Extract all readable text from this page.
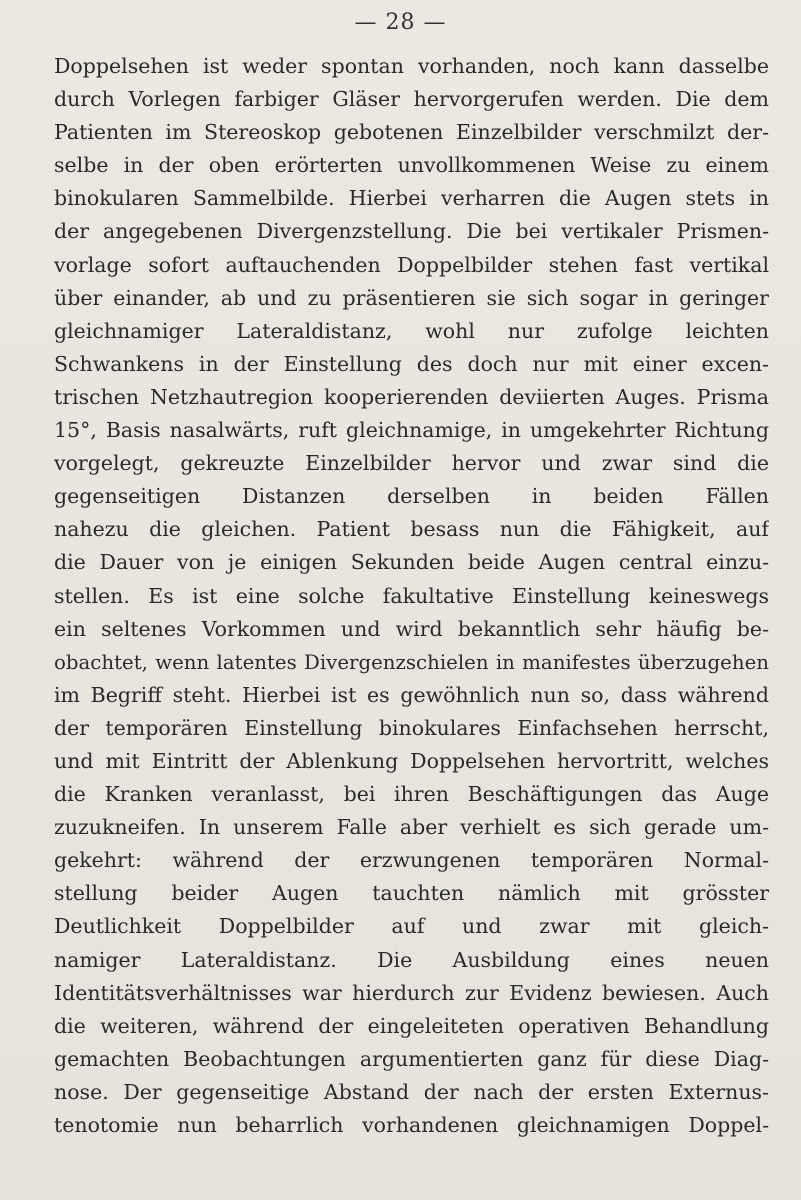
— 28 —
Doppelsehen ist weder spontan vorhanden, noch kann dasselbe
durch Vorlegen farbiger Gläser hervorgerufen werden. Die dem
Patienten im Stereoskop gebotenen Einzelbilder verschmilzt der-
selbe in der oben erörterten unvollkommenen Weise zu einem
binokularen Sammelbilde. Hierbei verharren die Augen stets in
der angegebenen Divergenzstellung. Die bei vertikaler Prismen-
vorlage sofort auftauchenden Doppelbilder stehen fast vertikal
über einander, ab und zu präsentieren sie sich sogar in geringer
gleichnamiger Lateraldistanz, wohl nur zufolge leichten
Schwankens in der Einstellung des doch nur mit einer excen-
trischen Netzhautregion kooperierenden deviierten Auges. Prisma
15°, Basis nasalwärts, ruft gleichnamige, in umgekehrter Richtung
vorgelegt, gekreuzte Einzelbilder hervor und zwar sind die
gegenseitigen Distanzen derselben in beiden Fällen
nahezu die gleichen. Patient besass nun die Fähigkeit, auf
die Dauer von je einigen Sekunden beide Augen central einzu-
stellen. Es ist eine solche fakultative Einstellung keineswegs
ein seltenes Vorkommen und wird bekanntlich sehr häufig be-
obachtet, wenn latentes Divergenzschielen in manifestes überzugehen
im Begriff steht. Hierbei ist es gewöhnlich nun so, dass während
der temporären Einstellung binokulares Einfachsehen herrscht,
und mit Eintritt der Ablenkung Doppelsehen hervortritt, welches
die Kranken veranlasst, bei ihren Beschäftigungen das Auge
zuzukneifen. In unserem Falle aber verhielt es sich gerade um-
gekehrt: während der erzwungenen temporären Normal-
stellung beider Augen tauchten nämlich mit grösster
Deutlichkeit Doppelbilder auf und zwar mit gleich-
namiger Lateraldistanz. Die Ausbildung eines neuen
Identitätsverhältnisses war hierdurch zur Evidenz bewiesen. Auch
die weiteren, während der eingeleiteten operativen Behandlung
gemachten Beobachtungen argumentierten ganz für diese Diag-
nose. Der gegenseitige Abstand der nach der ersten Externus-
tenotomie nun beharrlich vorhandenen gleichnamigen Doppel-
